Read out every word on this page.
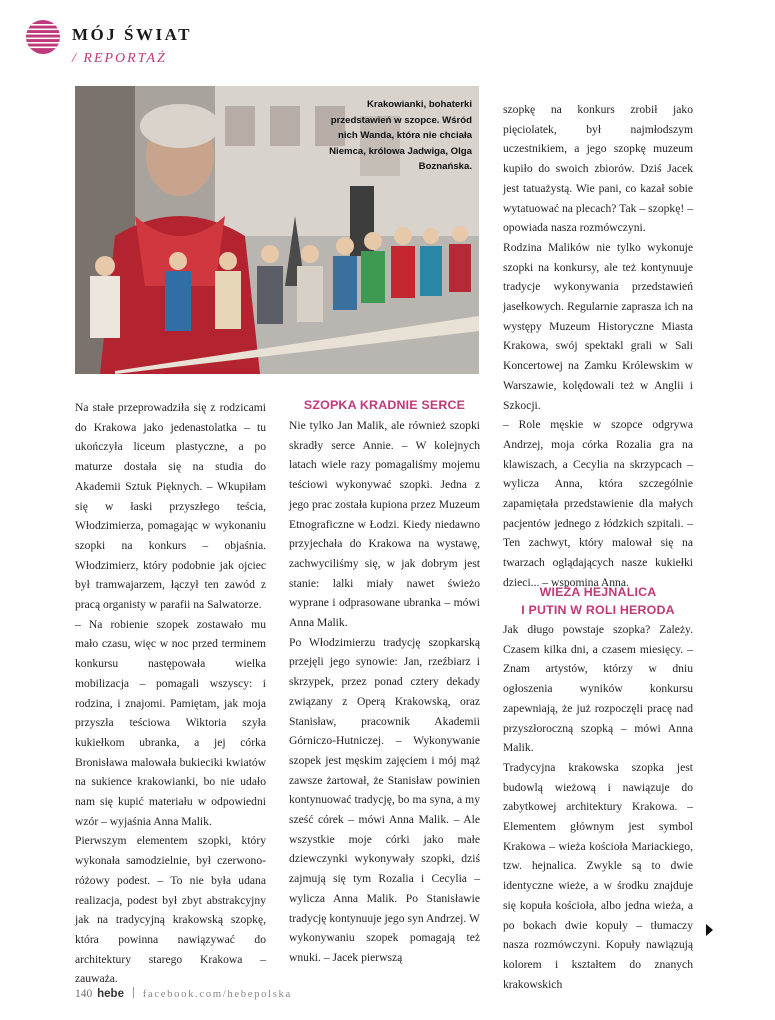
MÓJ ŚWIAT
/ REPORTAŻ
Krakowianki, bohaterki przedstawień w szopce. Wśród nich Wanda, która nie chciała Niemca, królowa Jadwiga, Olga Boznańska.

Na stałe przeprowadziła się z rodzicami do Krakowa jako jedenastolatka – tu ukończyła liceum plastyczne, a po maturze dostała się na studia do Akademii Sztuk Pięknych. – Wkupiłam się w łaski przyszłego teścia, Włodzimierza, pomagając w wykonaniu szopki na konkurs – objaśnia. Włodzimierz, który podobnie jak ojciec był tramwajarzem, łączył ten zawód z pracą organisty w parafii na Salwatorze.

– Na robienie szopek zostawało mu mało czasu, więc w noc przed terminem konkursu następowała wielka mobilizacja – pomagali wszyscy: i rodzina, i znajomi. Pamiętam, jak moja przyszła teściowa Wiktoria szyła kukiełkom ubranka, a jej córka Bronisława malowała bukieciki kwiatów na sukience krakowianki, bo nie udało nam się kupić materiału w odpowiedni wzór – wyjaśnia Anna Malik.

Pierwszym elementem szopki, który wykonała samodzielnie, był czerwono-różowy podest. – To nie była udana realizacja, podest był zbyt abstrakcyjny jak na tradycyjną krakowską szopkę, która powinna nawiązywać do architektury starego Krakowa – zauważa.

SZOPKA KRADNIE SERCE

Nie tylko Jan Malik, ale również szopki skradły serce Annie. – W kolejnych latach wiele razy pomagaliśmy mojemu teściowi wykonywać szopki. Jedna z jego prac została kupiona przez Muzeum Etnograficzne w Łodzi. Kiedy niedawno przyjechała do Krakowa na wystawę, zachwyciliśmy się, w jak dobrym jest stanie: lalki miały nawet świeżo wyprane i odprasowane ubranka – mówi Anna Malik.

Po Włodzimierzu tradycję szopkarską przejęli jego synowie: Jan, rzeźbiarz i skrzypek, przez ponad cztery dekady związany z Operą Krakowską, oraz Stanisław, pracownik Akademii Górniczo-Hutniczej. – Wykonywanie szopek jest męskim zajęciem i mój mąż zawsze żartował, że Stanisław powinien kontynuować tradycję, bo ma syna, a my sześć córek – mówi Anna Malik. – Ale wszystkie moje córki jako małe dziewczynki wykonywały szopki, dziś zajmują się tym Rozalia i Cecylia – wylicza Anna Malik. Po Stanisławie tradycję kontynuuje jego syn Andrzej. W wykonywaniu szopek pomagają też wnuki. – Jacek pierwszą

szopkę na konkurs zrobił jako pięciolatek, był najmłodszym uczestnikiem, a jego szopkę muzeum kupiło do swoich zbiorów. Dziś Jacek jest tatuażystą. Wie pani, co kazał sobie wytatuować na plecach? Tak – szopkę! – opowiada nasza rozmówczyni.

Rodzina Malików nie tylko wykonuje szopki na konkursy, ale też kontynuuje tradycje wykonywania przedstawień jasełkowych. Regularnie zaprasza ich na występy Muzeum Historyczne Miasta Krakowa, swój spektakl grali w Sali Koncertowej na Zamku Królewskim w Warszawie, kolędowali też w Anglii i Szkocji.

– Role męskie w szopce odgrywa Andrzej, moja córka Rozalia gra na klawiszach, a Cecylia na skrzypcach – wylicza Anna, która szczególnie zapamiętała przedstawienie dla małych pacjentów jednego z łódzkich szpitali. – Ten zachwyt, który malował się na twarzach oglądających nasze kukiełki dzieci... – wspomina Anna.

WIEŻA HEJNALICA
I PUTIN W ROLI HERODA

Jak długo powstaje szopka? Zależy. Czasem kilka dni, a czasem miesięcy. – Znam artystów, którzy w dniu ogłoszenia wyników konkursu zapewniają, że już rozpoczęli pracę nad przyszłoroczną szopką – mówi Anna Malik.

Tradycyjna krakowska szopka jest budowlą wieżową i nawiązuje do zabytkowej architektury Krakowa. – Elementem głównym jest symbol Krakowa – wieża kościoła Mariackiego, tzw. hejnalica. Zwykle są to dwie identyczne wieże, a w środku znajduje się kopuła kościoła, albo jedna wieża, a po bokach dwie kopuły – tłumaczy nasza rozmówczyni. Kopuły nawiązują kolorem i kształtem do znanych krakowskich

140 hebe facebook.com/hebepolska
